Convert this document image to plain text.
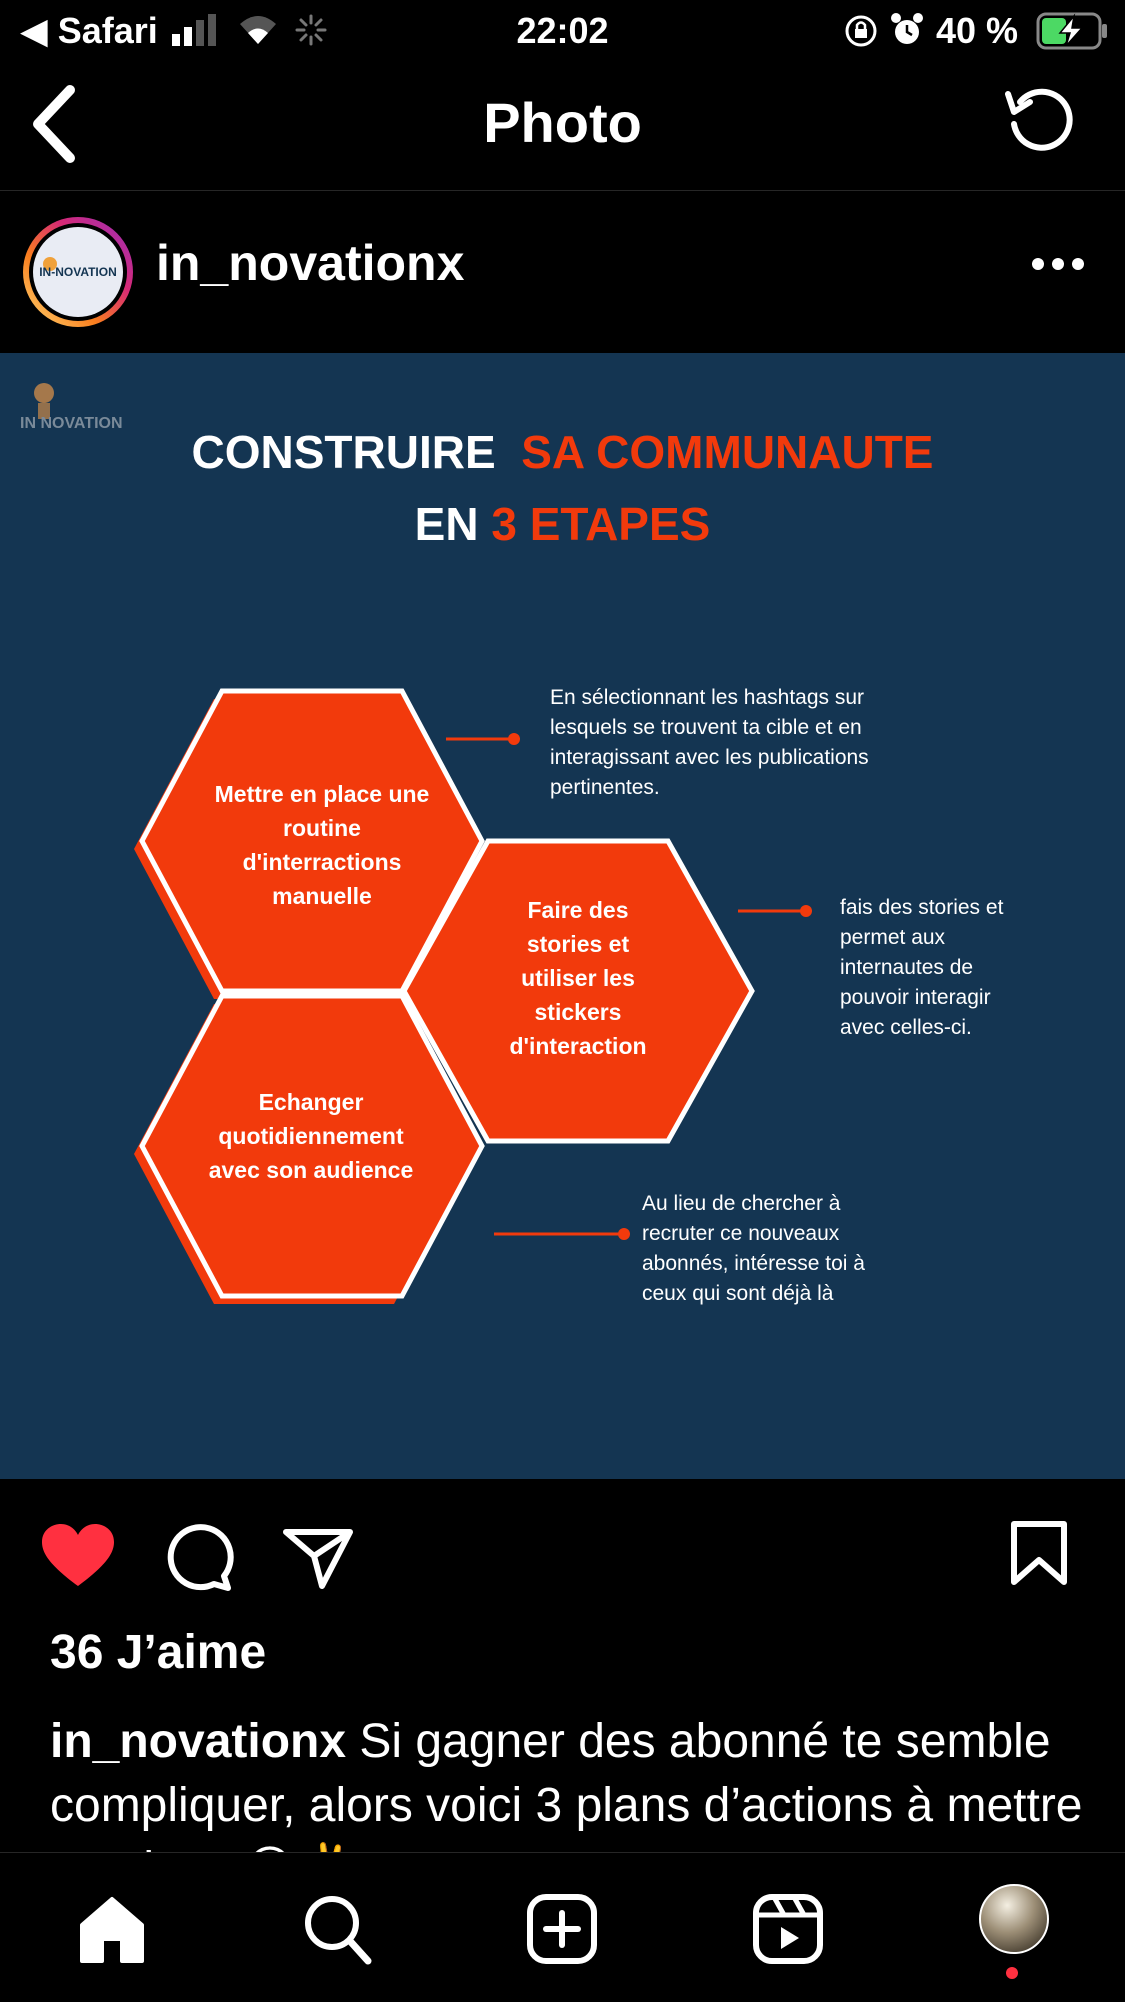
◀ Safari	22:02	40 %
Photo
IN-NOVATION in_novationx
IN NOVATION
CONSTRUIRE SA COMMUNAUTE
EN 3 ETAPES
Mettre en place une routine d'interractions manuelle
Faire des stories et utiliser les stickers d'interaction
Echanger quotidiennement avec son audience
En sélectionnant les hashtags sur lesquels se trouvent ta cible et en interagissant avec les publications pertinentes.
fais des stories et permet aux internautes de pouvoir interagir avec celles-ci.
Au lieu de chercher à recruter ce nouveaux abonnés, intéresse toi à ceux qui sont déjà là
36 J’aime
in_novationx Si gagner des abonné te semble compliquer, alors voici 3 plans d’actions à mettre
